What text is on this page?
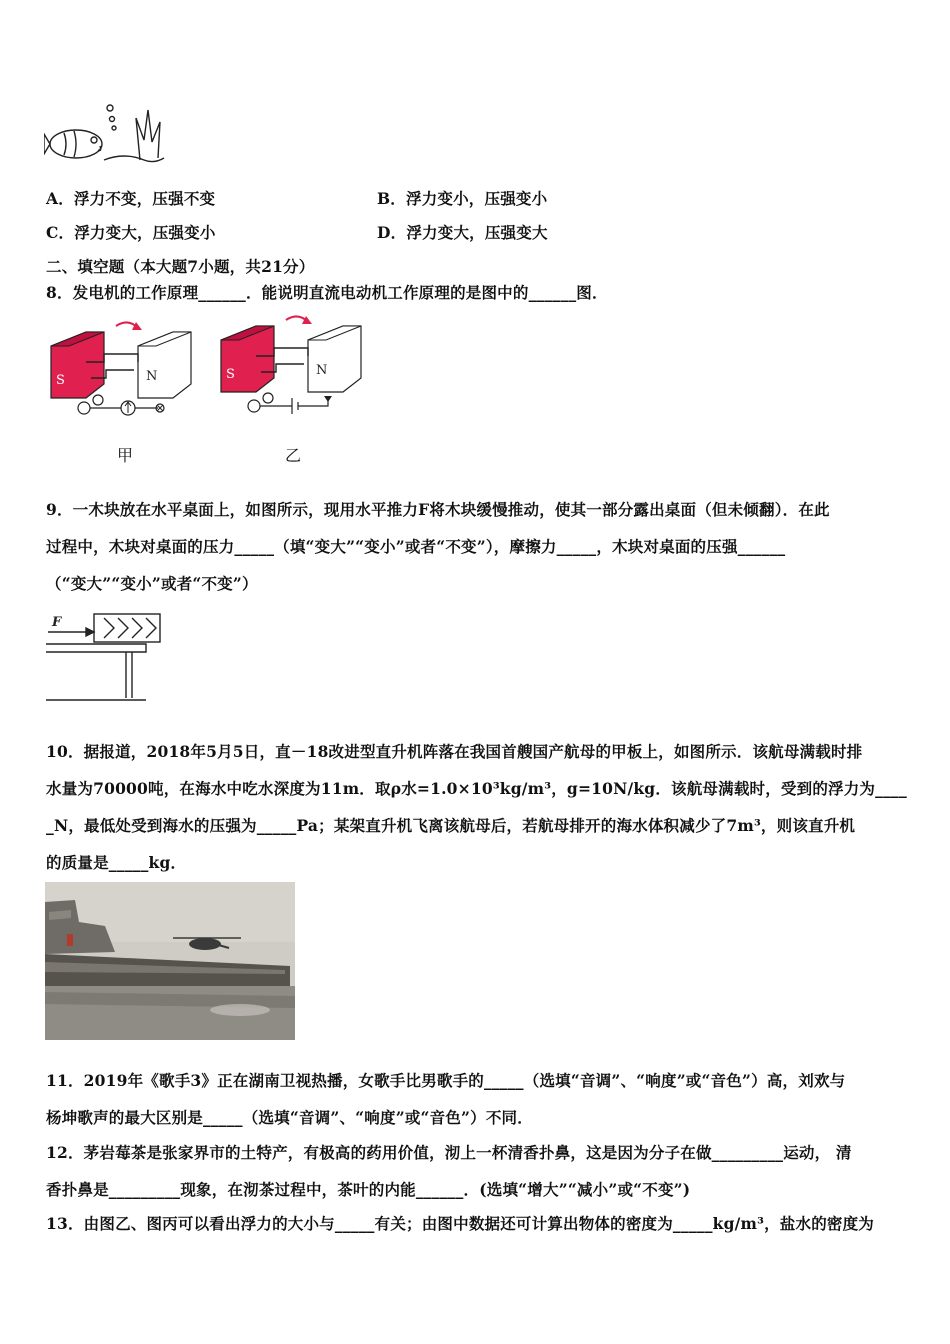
A．浮力不变，压强不变	B．浮力变小，压强变小
C．浮力变大，压强变小	D．浮力变大，压强变大
二、填空题（本大题7小题，共21分）
8．发电机的工作原理______．能说明直流电动机工作原理的是图中的______图．
S	N
甲
S	N
乙
9．一木块放在水平桌面上，如图所示，现用水平推力F将木块缓慢推动，使其一部分露出桌面（但未倾翻）．在此
过程中，木块对桌面的压力_____（填“变大”“变小”或者“不变”），摩擦力_____，木块对桌面的压强______
（“变大”“变小”或者“不变”）
F
10．据报道，2018年5月5日，直－18改进型直升机阵落在我国首艘国产航母的甲板上，如图所示．该航母满载时排
水量为70000吨，在海水中吃水深度为11m．取ρ水=1.0×10³kg/m³，g=10N/kg．该航母满载时，受到的浮力为____
_N，最低处受到海水的压强为_____Pa；某架直升机飞离该航母后，若航母排开的海水体积减少了7m³，则该直升机
的质量是_____kg．
11．2019年《歌手3》正在湖南卫视热播，女歌手比男歌手的_____（选填“音调”、“响度”或“音色”）高，刘欢与
杨坤歌声的最大区别是_____（选填“音调”、“响度”或“音色”）不同．
12．茅岩莓茶是张家界市的土特产，有极高的药用价值，沏上一杯清香扑鼻，这是因为分子在做_________运动， 清
香扑鼻是_________现象，在沏茶过程中，茶叶的内能______．(选填“增大”“减小”或“不变”)
13．由图乙、图丙可以看出浮力的大小与_____有关；由图中数据还可计算出物体的密度为_____kg/m³，盐水的密度为
